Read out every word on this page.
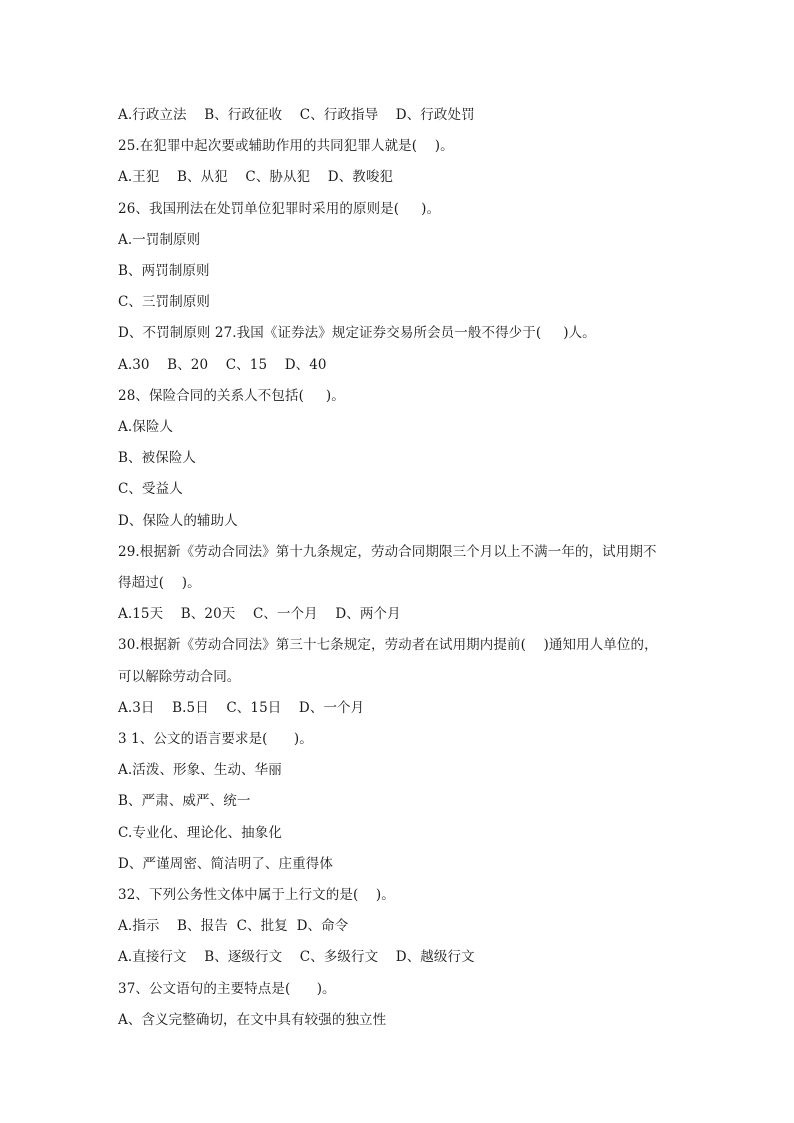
A.行政立法    B、行政征收    C、行政指导    D、行政处罚
25.在犯罪中起次要或辅助作用的共同犯罪人就是(    )。
A.王犯    B、从犯    C、胁从犯    D、教唆犯
26、我国刑法在处罚单位犯罪时采用的原则是(     )。
A.一罚制原则
B、两罚制原则
C、三罚制原则
D、不罚制原则 27.我国《证券法》规定证券交易所会员一般不得少于(     )人。
A.30    B、20    C、15    D、40
28、保险合同的关系人不包括(     )。
A.保险人
B、被保险人
C、受益人
D、保险人的辅助人
29.根据新《劳动合同法》第十九条规定，劳动合同期限三个月以上不满一年的，试用期不
得超过(    )。
A.15天    B、20天    C、一个月    D、两个月
30.根据新《劳动合同法》第三十七条规定，劳动者在试用期内提前(    )通知用人单位的，
可以解除劳动合同。
A.3日    B.5日    C、15日    D、一个月
3 1、公文的语言要求是(      )。
A.活泼、形象、生动、华丽
B、严肃、威严、统一
C.专业化、理论化、抽象化
D、严谨周密、简洁明了、庄重得体
32、下列公务性文体中属于上行文的是(    )。
A.指示    B、报告  C、批复  D、命令
A.直接行文    B、逐级行文    C、多级行文    D、越级行文
37、公文语句的主要特点是(      )。
A、含义完整确切，在文中具有较强的独立性
